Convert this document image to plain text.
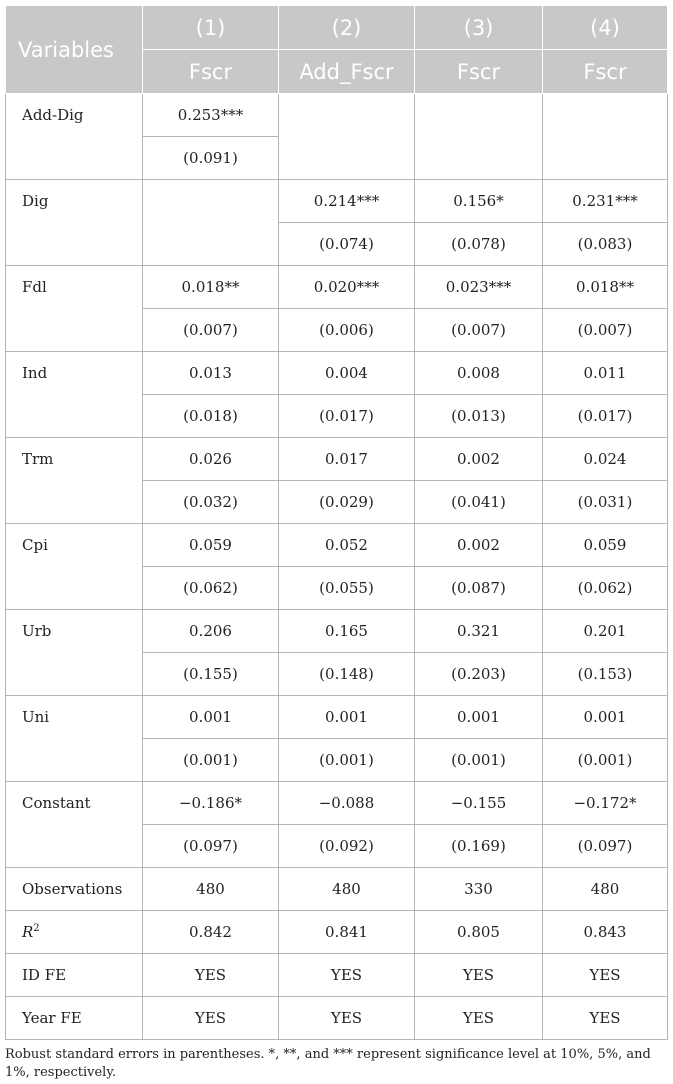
Variables	(1)	(2)	(3)	(4)
	Fscr	Add_Fscr	Fscr	Fscr
Add-Dig	0.253***			
	(0.091)			
Dig		0.214***	0.156*	0.231***
		(0.074)	(0.078)	(0.083)
Fdl	0.018**	0.020***	0.023***	0.018**
	(0.007)	(0.006)	(0.007)	(0.007)
Ind	0.013	0.004	0.008	0.011
	(0.018)	(0.017)	(0.013)	(0.017)
Trm	0.026	0.017	0.002	0.024
	(0.032)	(0.029)	(0.041)	(0.031)
Cpi	0.059	0.052	0.002	0.059
	(0.062)	(0.055)	(0.087)	(0.062)
Urb	0.206	0.165	0.321	0.201
	(0.155)	(0.148)	(0.203)	(0.153)
Uni	0.001	0.001	0.001	0.001
	(0.001)	(0.001)	(0.001)	(0.001)
Constant	−0.186*	−0.088	−0.155	−0.172*
	(0.097)	(0.092)	(0.169)	(0.097)
Observations	480	480	330	480
$R^2$	0.842	0.841	0.805	0.843
ID FE	YES	YES	YES	YES
Year FE	YES	YES	YES	YES
Robust standard errors in parentheses. *, **, and *** represent significance level at 10%, 5%, and 1%, respectively.
